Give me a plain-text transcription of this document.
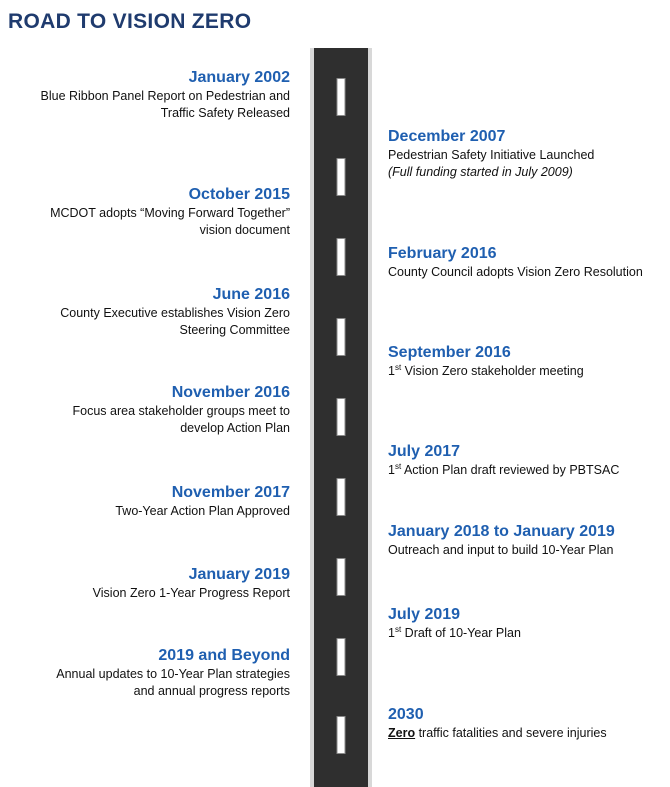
ROAD TO VISION ZERO
January 2002
Blue Ribbon Panel Report on Pedestrian and
Traffic Safety Released
October 2015
MCDOT adopts “Moving Forward Together”
vision document
June 2016
County Executive establishes Vision Zero
Steering Committee
November 2016
Focus area stakeholder groups meet to
develop Action Plan
November 2017
Two-Year Action Plan Approved
January 2019
Vision Zero 1-Year Progress Report
2019 and Beyond
Annual updates to 10-Year Plan strategies
and annual progress reports
December 2007
Pedestrian Safety Initiative Launched
(Full funding started in July 2009)
February 2016
County Council adopts Vision Zero Resolution
September 2016
1st Vision Zero stakeholder meeting
July 2017
1st Action Plan draft reviewed by PBTSAC
January 2018 to January 2019
Outreach and input to build 10-Year Plan
July 2019
1st Draft of 10-Year Plan
2030
Zero traffic fatalities and severe injuries
